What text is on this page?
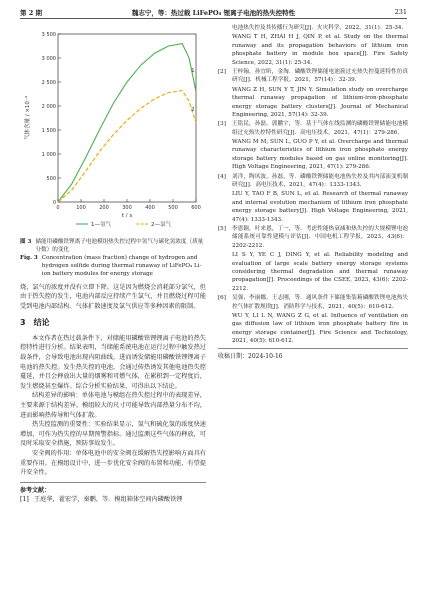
第 2 期	魏志宁，等：热过载 LiFePO₄ 锂离子电池的热失控特性	231
0
500
1 000
1 500
2 000
2 500
3 000
3 500
0	100	200	300	400	500	600
气体含量 / ×10⁻⁴
t / s
1
2
1—氢气	2—氯气
图 3 储能用磷酸铁锂离子电池模组热失控过程中氢气与碳化氢浓度（质量分数）的变化
Fig. 3 Concentration (mass fraction) change of hydrogen and hydrogen sulfide during thermal runaway of LiFePO₄ Li-ion battery modules for energy storage

烧，氯气的浓度并没有立即下降。这是因为燃烧会消耗部分氯气，但由于热失控的发生，电池内部反应持续产生氯气，并且燃烧过程可能受到电池内部结构、气体扩散速度及氯气供应等多种因素的限制。

3　结论

本文作者在热过载条件下，对储能用磷酸铁锂锂离子电池的热失控特性进行分析。结果表明，当储能系统电池在运行过程中触发热过载条件，会导致电池出现内阻曲线，进而诱发储能用磷酸铁锂锂离子电池的热失控。发生热失控的电池，会通过传热诱发其他电池热失控蔓延，并且会释放出大量的烟雾和可燃气体，在累积到一定程度后，发生燃烧甚至爆炸。综合分析实验结果，可得出以下结论。

结构差异的影响：单体电池与模组在热失控过程中的表现差异，主要来源于结构差异。模组较大的尺寸可能导致内部热量分布不均，进而影响热传导和气体扩散。

热失控监测的重要性：实验结果显示，氢气和硫化氢的浓度快速增加，可作为热失控的早期预警指标。通过监测这些气体的释放，可及时采取安全措施，预防事故发生。

安全阀的作用：单体电池中的安全阀在缓解热失控影响方面具有重要作用。在模组设计中，进一步优化安全阀的布置和功能，有望提升安全性。

参考文献：
[1] 王庭华，翟宏学，秦鹏，等．模组箱体空间内磷酸铁锂
电池热失控及其传播行为研究[J]．火灾科学，2022，31(1)：25-34.
WANG T H, ZHAI H J, QIN P, et al. Study on the thermal runaway and its propagation behaviors of lithium iron phosphate battery in module box space[J]. Fire Safety Science, 2022, 31(1): 25-34.
[2]	王梓翰，孙宜昕，金淘．磷酸铁锂储能电池簇过充热失控蔓延特性仿真研究[J]．机械工程学报，2021，57(14)：32-39.
WANG Z H, SUN Y T, JIN Y. Simulation study on overcharge thermal runaway propagation of lithium-iron-phosphate energy storage battery clusters[J]. Journal of Mechanical Engineering, 2021, 57(14): 32-39.
[3]	王铭民，孙磊，郭鹏宇，等．基于气体在线监测的磷酸铁锂储能电池模组过充热失控特性研究[J]．高电压技术，2021，47(1)：279-286.
WANG M M, SUN L, GUO P Y, et al. Overcharge and thermal runaway characteristics of lithium iron phosphate energy storage battery modules based on gas online monitoring[J]. High Voltage Engineering, 2021, 47(1): 279-286.
[4]	刘洋，陶风波，孙磊，等．磷酸铁锂储能电池热失控及其内部演变机制研究[J]．高电压技术，2021，47(4)：1333-1343.
LIU Y, TAO F B, SUN L, et al. Research of thermal runaway and internal evolution mechanism of lithium iron phosphate energy storage battery[J]. High Voltage Engineering, 2021, 47(4): 1333-1343.
[5]	李恩颖，叶来恩，丁一，等．考虑性能热衰减和热失控的大规模锂电池储能系统可靠性建模与评估[J]．中国电机工程学报，2023，43(6)：2202-2212.
LI S Y, YE C J, DING Y, et al. Reliability modeling and evaluation of large scale battery energy storage systems considering thermal degradation and thermal runaway propagation[J]. Proceedings of the CSEE, 2023, 43(6): 2202-2212.
[6]	吴强，李丽娜，王志刚，等．通风条件下储能集装箱磷酸铁锂电池热失控气体扩散规律[J]．消防科学与技术，2021，40(5)：610-612.
WU Y, LI L N, WANG Z G, et al. Influence of ventilation on gas diffusion law of lithium iron phosphate battery fire in energy storage container[J]. Fire Science and Technology, 2021, 40(5): 610-612.
收稿日期：2024-10-16
